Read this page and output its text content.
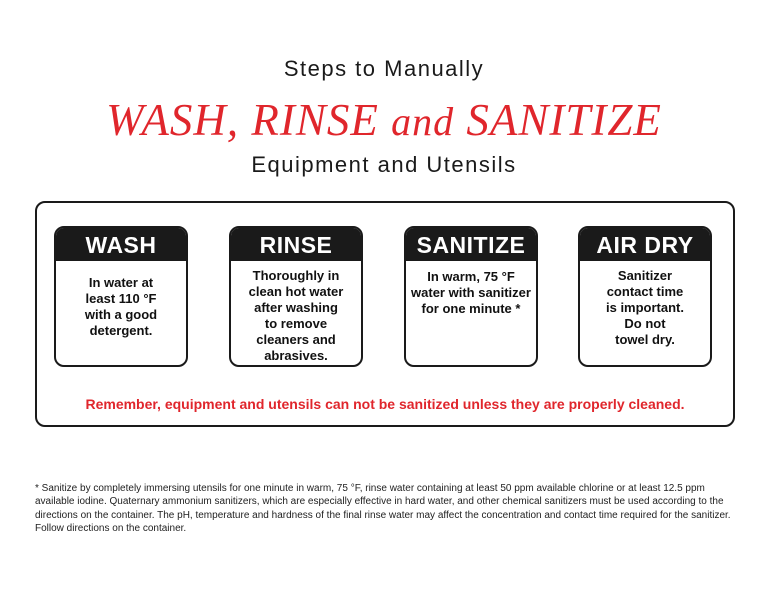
Steps to Manually
WASH, RINSE and SANITIZE
Equipment and Utensils
WASH
In water at
least 110 °F
with a good
detergent.
RINSE
Thoroughly in
clean hot water
after washing
to remove
cleaners and
abrasives.
SANITIZE
In warm, 75 °F
water with sanitizer
for one minute *
AIR DRY
Sanitizer
contact time
is important.
Do not
towel dry.
Remember, equipment and utensils can not be sanitized unless they are properly cleaned.
* Sanitize by completely immersing utensils for one minute in warm, 75 °F, rinse water containing at least 50 ppm available chlorine or at least 12.5 ppm available iodine. Quaternary ammonium sanitizers, which are especially effective in hard water, and other chemical sanitizers must be used according to the directions on the container. The pH, temperature and hardness of the final rinse water may affect the concentration and contact time required for the sanitizer. Follow directions on the container.
